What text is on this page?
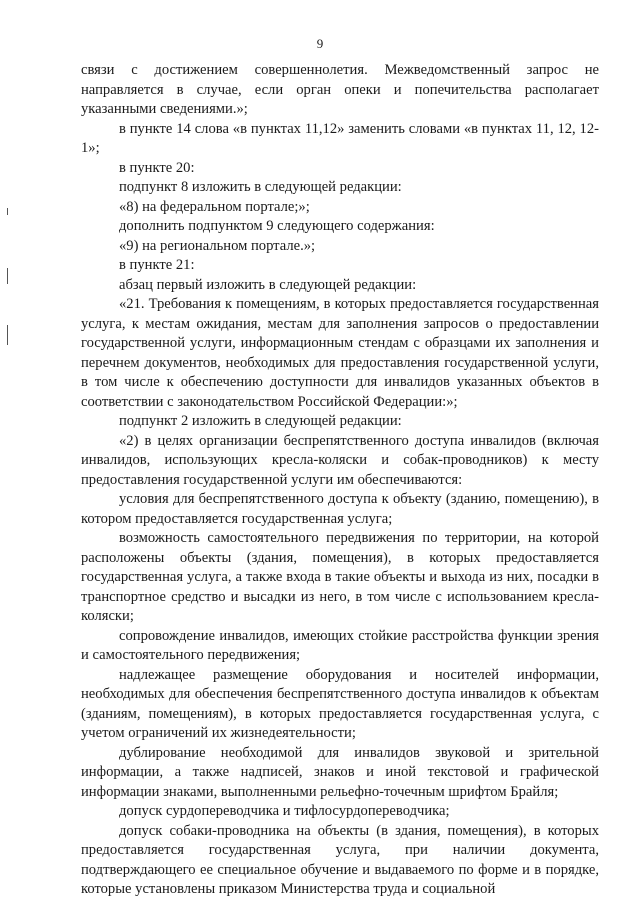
9

связи с достижением совершеннолетия. Межведомственный запрос не направляется в случае, если орган опеки и попечительства располагает указанными сведениями.»;

в пункте 14 слова «в пунктах 11,12» заменить словами «в пунктах 11, 12, 12-1»;

в пункте 20:

подпункт 8 изложить в следующей редакции:

«8) на федеральном портале;»;

дополнить подпунктом 9 следующего содержания:

«9) на региональном портале.»;

в пункте 21:

абзац первый изложить в следующей редакции:

«21. Требования к помещениям, в которых предоставляется государственная услуга, к местам ожидания, местам для заполнения запросов о предоставлении государственной услуги, информационным стендам с образцами их заполнения и перечнем документов, необходимых для предоставления государственной услуги, в том числе к обеспечению доступности для инвалидов указанных объектов в соответствии с законодательством Российской Федерации:»;

подпункт 2 изложить в следующей редакции:

«2) в целях организации беспрепятственного доступа инвалидов (включая инвалидов, использующих кресла-коляски и собак-проводников) к месту предоставления государственной услуги им обеспечиваются:

условия для беспрепятственного доступа к объекту (зданию, помещению), в котором предоставляется государственная услуга;

возможность самостоятельного передвижения по территории, на которой расположены объекты (здания, помещения), в которых предоставляется государственная услуга, а также входа в такие объекты и выхода из них, посадки в транспортное средство и высадки из него, в том числе с использованием кресла-коляски;

сопровождение инвалидов, имеющих стойкие расстройства функции зрения и самостоятельного передвижения;

надлежащее размещение оборудования и носителей информации, необходимых для обеспечения беспрепятственного доступа инвалидов к объектам (зданиям, помещениям), в которых предоставляется государственная услуга, с учетом ограничений их жизнедеятельности;

дублирование необходимой для инвалидов звуковой и зрительной информации, а также надписей, знаков и иной текстовой и графической информации знаками, выполненными рельефно-точечным шрифтом Брайля;

допуск сурдопереводчика и тифлосурдопереводчика;

допуск собаки-проводника на объекты (в здания, помещения), в которых предоставляется государственная услуга, при наличии документа, подтверждающего ее специальное обучение и выдаваемого по форме и в порядке, которые установлены приказом Министерства труда и социальной
